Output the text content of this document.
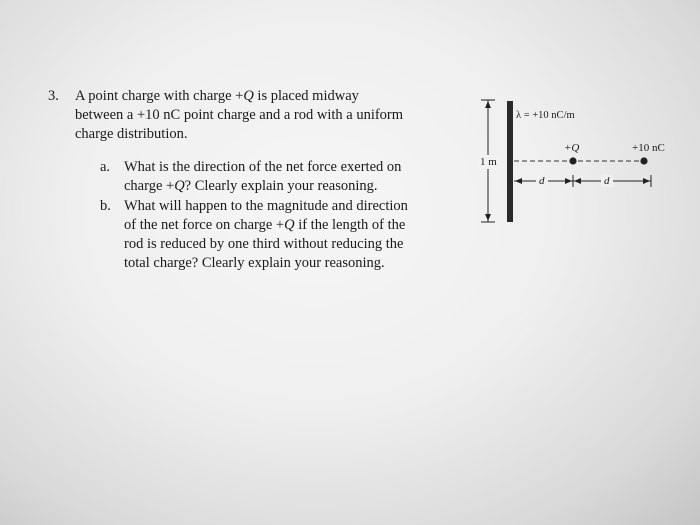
3. A point charge with charge +Q is placed midway
between a +10 nC point charge and a rod with a uniform
charge distribution.
a. What is the direction of the net force exerted on
charge +Q? Clearly explain your reasoning.
b. What will happen to the magnitude and direction
of the net force on charge +Q if the length of the
rod is reduced by one third without reducing the
total charge? Clearly explain your reasoning.
λ = +10 nC/m
1 m
+Q	+10 nC
d	d
